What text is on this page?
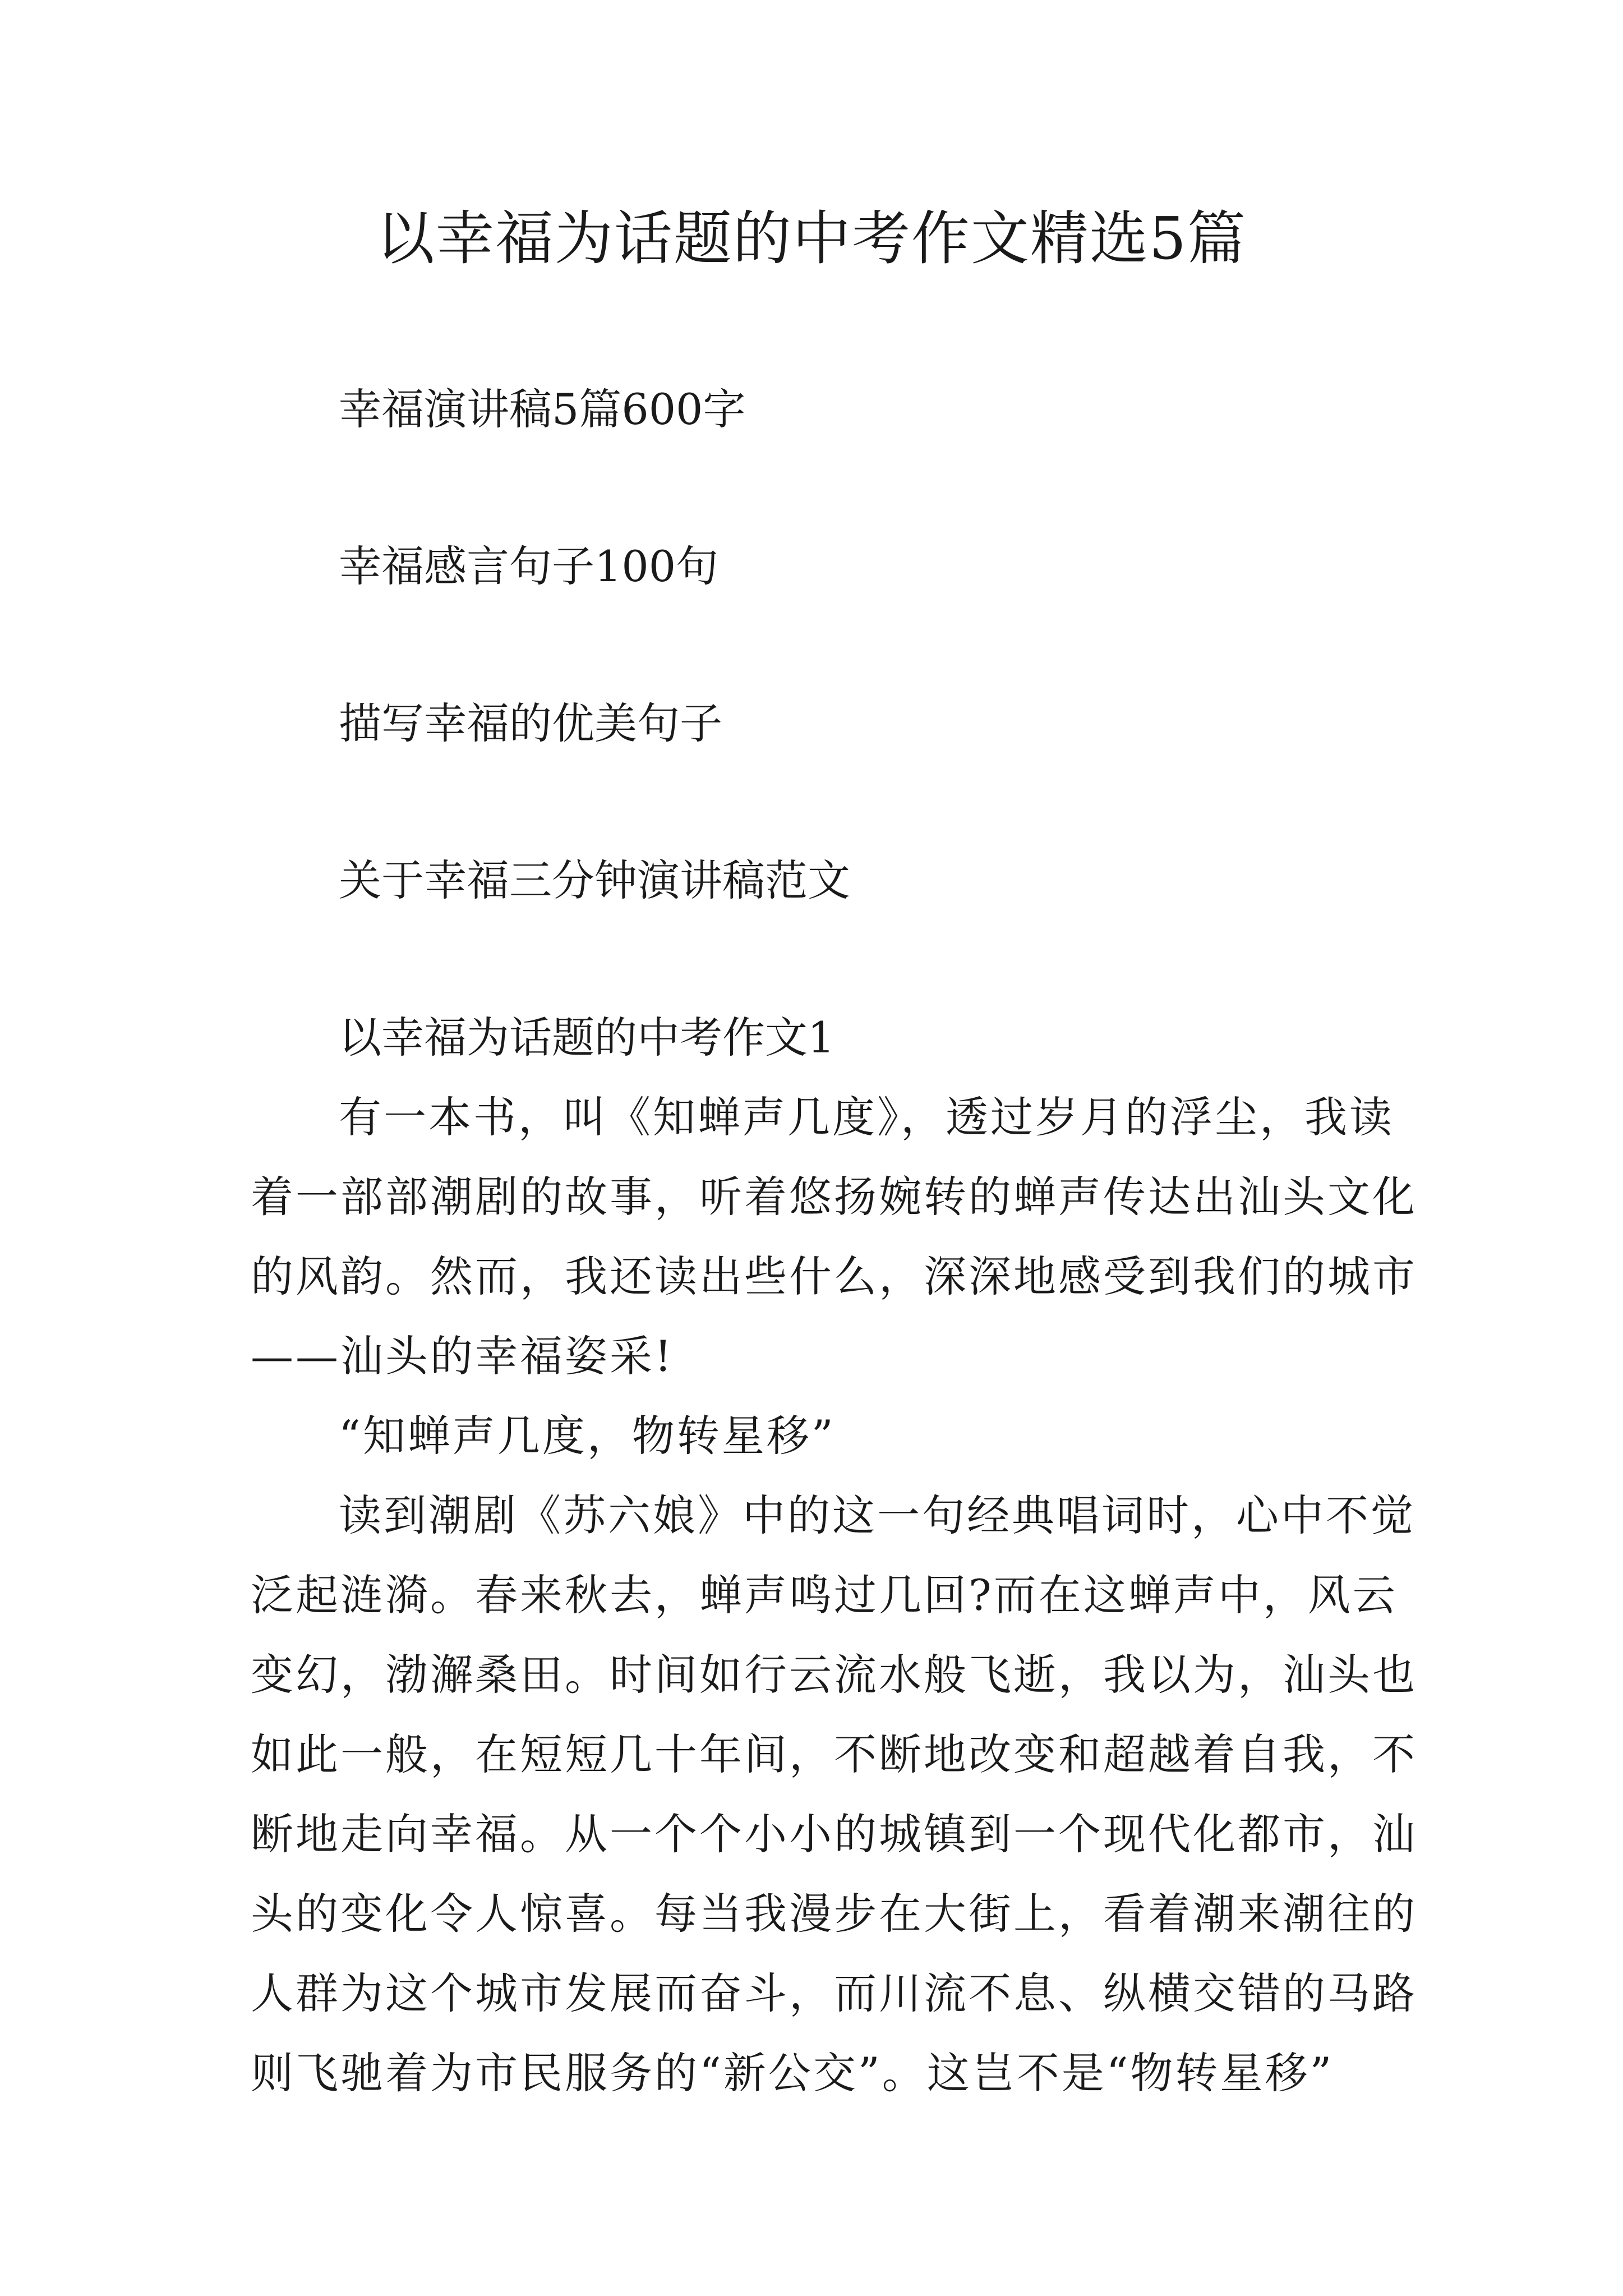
以幸福为话题的中考作文精选5篇
幸福演讲稿5篇600字
幸福感言句子100句
描写幸福的优美句子
关于幸福三分钟演讲稿范文
以幸福为话题的中考作文1

有一本书，叫《知蝉声几度》，透过岁月的浮尘，我读

着一部部潮剧的故事，听着悠扬婉转的蝉声传达出汕头文化

的风韵。然而，我还读出些什么，深深地感受到我们的城市

——汕头的幸福姿采!

“知蝉声几度，物转星移”

读到潮剧《苏六娘》中的这一句经典唱词时，心中不觉

泛起涟漪。春来秋去，蝉声鸣过几回?而在这蝉声中，风云

变幻，渤澥桑田。时间如行云流水般飞逝，我以为，汕头也

如此一般，在短短几十年间，不断地改变和超越着自我，不

断地走向幸福。从一个个小小的城镇到一个现代化都市，汕

头的变化令人惊喜。每当我漫步在大街上，看着潮来潮往的

人群为这个城市发展而奋斗，而川流不息、纵横交错的马路

则飞驰着为市民服务的“新公交”。这岂不是“物转星移”
